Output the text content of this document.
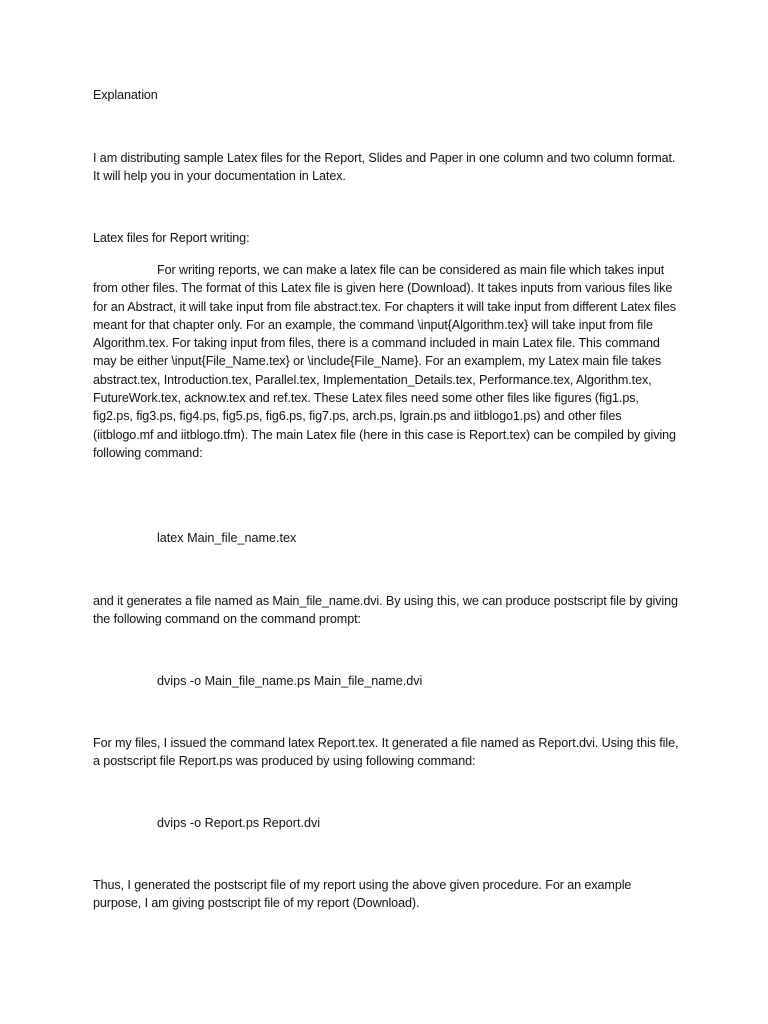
Explanation

I am distributing sample Latex files for the Report, Slides and Paper in one column and two column format. It will help you in your documentation in Latex.

Latex files for Report writing:

For writing reports, we can make a latex file can be considered as main file which takes input from other files. The format of this Latex file is given here (Download). It takes inputs from various files like for an Abstract, it will take input from file abstract.tex. For chapters it will take input from different Latex files meant for that chapter only. For an example, the command \input{Algorithm.tex} will take input from file Algorithm.tex. For taking input from files, there is a command included in main Latex file. This command may be either \input{File_Name.tex} or \include{File_Name}. For an examplem, my Latex main file takes abstract.tex, Introduction.tex, Parallel.tex, Implementation_Details.tex, Performance.tex, Algorithm.tex, FutureWork.tex, acknow.tex and ref.tex. These Latex files need some other files like figures (fig1.ps, fig2.ps, fig3.ps, fig4.ps, fig5.ps, fig6.ps, fig7.ps, arch.ps, lgrain.ps and iitblogo1.ps) and other files (iitblogo.mf and iitblogo.tfm). The main Latex file (here in this case is Report.tex) can be compiled by giving following command:

latex Main_file_name.tex

and it generates a file named as Main_file_name.dvi. By using this, we can produce postscript file by giving the following command on the command prompt:

dvips -o Main_file_name.ps Main_file_name.dvi

For my files, I issued the command latex Report.tex. It generated a file named as Report.dvi. Using this file, a postscript file Report.ps was produced by using following command:

dvips -o Report.ps Report.dvi

Thus, I generated the postscript file of my report using the above given procedure. For an example purpose, I am giving postscript file of my report (Download).
